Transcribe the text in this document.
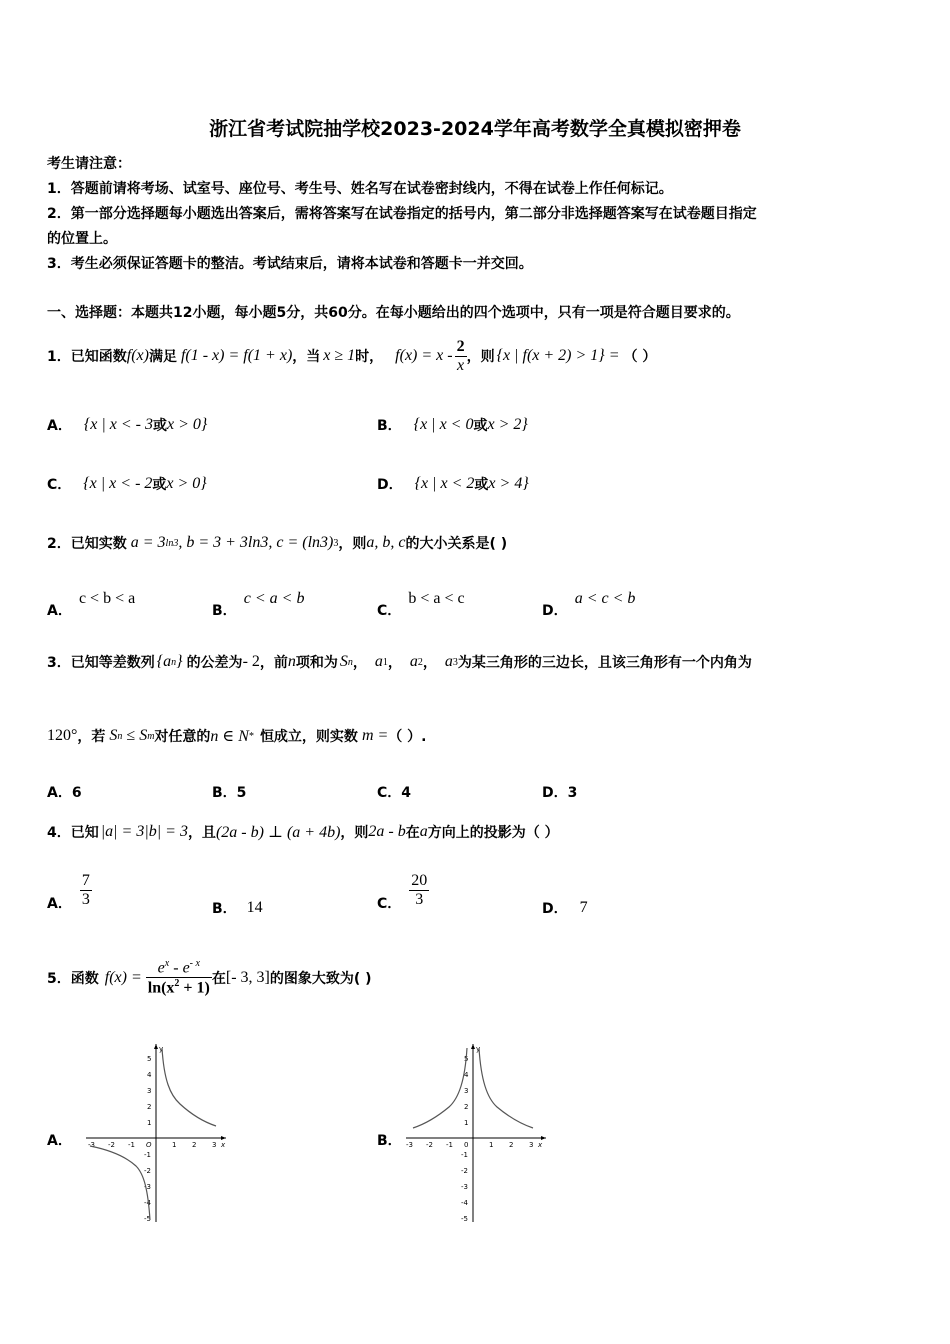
浙江省考试院抽学校2023-2024学年高考数学全真模拟密押卷
考生请注意：
1．答题前请将考场、试室号、座位号、考生号、姓名写在试卷密封线内，不得在试卷上作任何标记。
2．第一部分选择题每小题选出答案后，需将答案写在试卷指定的括号内，第二部分非选择题答案写在试卷题目指定
的位置上。
3．考生必须保证答题卡的整洁。考试结束后，请将本试卷和答题卡一并交回。
一、选择题：本题共12小题，每小题5分，共60分。在每小题给出的四个选项中，只有一项是符合题目要求的。
1．已知函数 f(x) 满足 f(1 - x) = f(1 + x) ，当 x ≥ 1 时， $f(x) = x - \frac{2}{x}$ ，则 {x | f(x + 2) > 1} = （ ）
A． {x | x < - 3 或 x > 0}	B． {x | x < 0 或 x > 2}
C． {x | x < - 2 或 x > 0}	D． {x | x < 2 或 x > 4}
2．已知实数 a = 3 ln3 , b = 3 + 3ln3, c = (ln3) 3 ，则 a, b, c 的大小关系是( )
A． c < b < a
B． c < a < b
C． b < a < c
D． a < c < b
3．已知等差数列 {a n } 的公差为 - 2 ，前 n 项和为 S n ， a 1 ， a 2 ， a 3 为某三角形的三边长，且该三角形有一个内角为
120° ，若 S n ≤ S m 对任意的 n ∈ N * 恒成立，则实数 m = （ ）.
A．6	B．5	C．4	D．3
4．已知 |a| = 3|b| = 3 ，且 (2a - b) ⊥ (a + 4b) ，则 2a - b 在 a 方向上的投影为（ ）
A． $\frac{7}{3}$	B． 14	C． $\frac{20}{3}$	D． 7
5．函数 $f(x) = \frac{e^x - e^{- x}}{\ln(x^2 + 1)}$ 在 [- 3, 3] 的图象大致为( )
A．	B．
y
-3 -2 -1 O	1 2 3 x
5
4
3
2
1
-1
-2
-3
-4
-5
y
-3 -2 -1 0	1 2 3 x
5
4
3
2
1
-1
-2
-3
-4
-5
